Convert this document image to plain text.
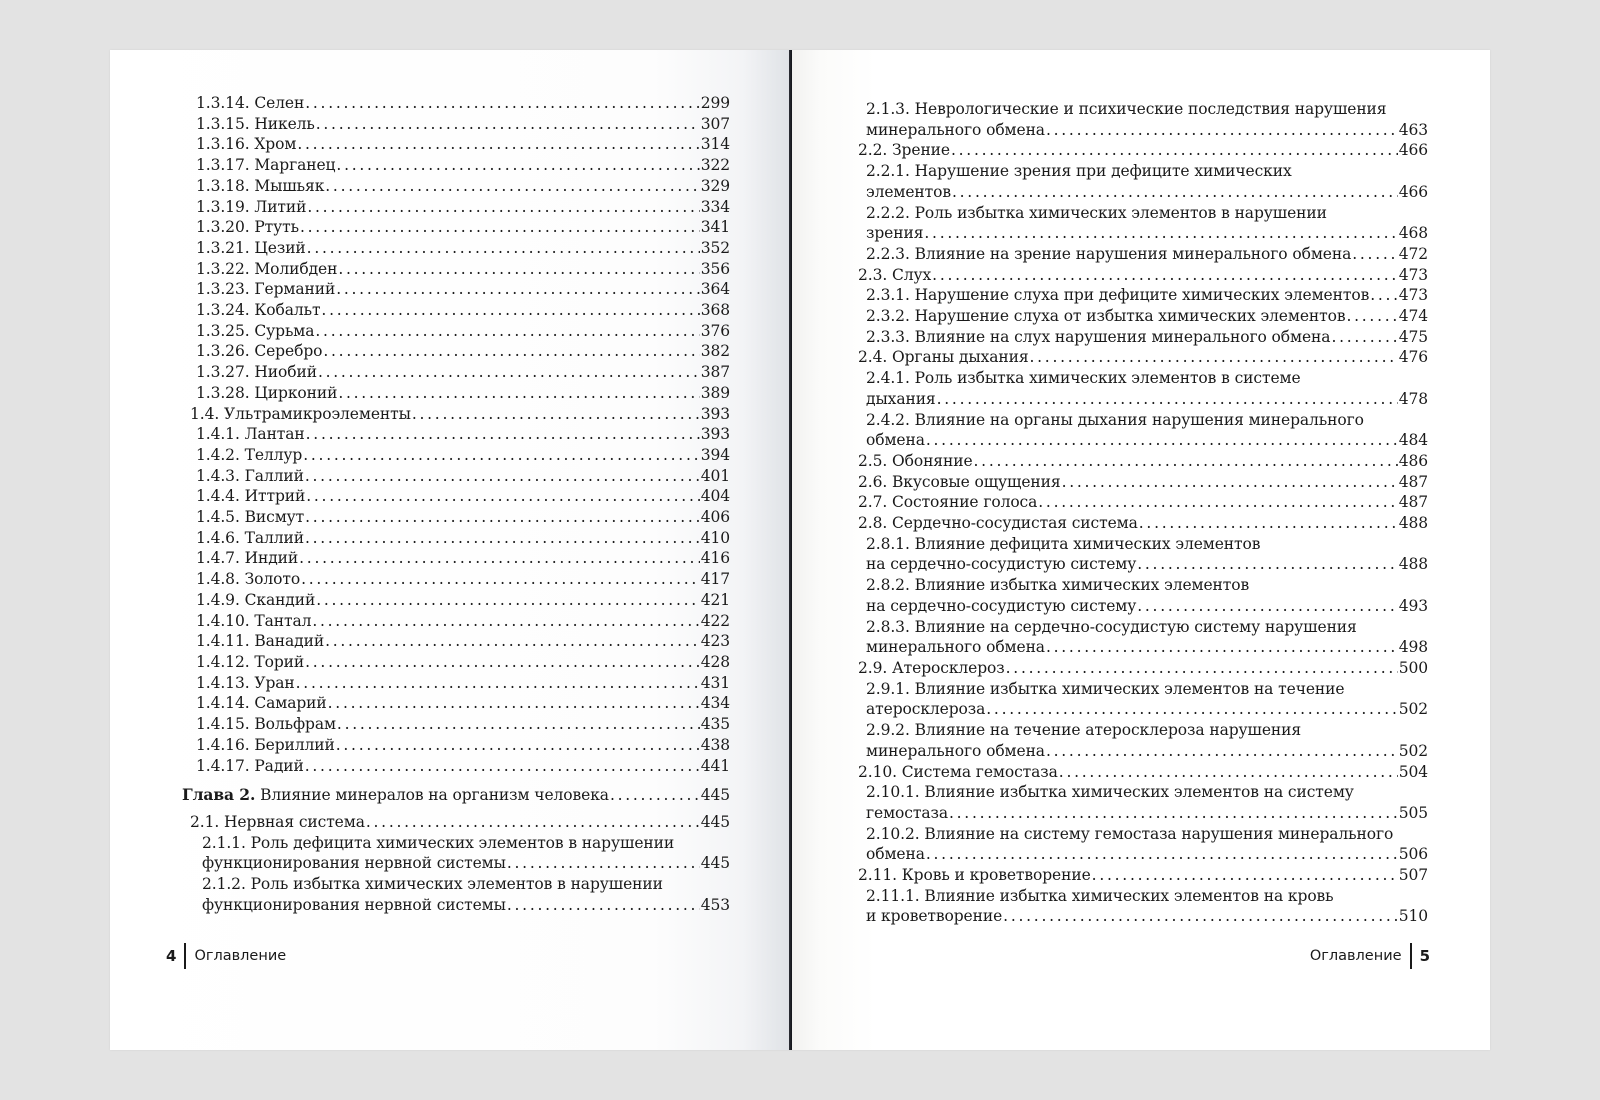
1.3.14. Селен . . .	299
1.3.15. Никель . . .	307
1.3.16. Хром . . .	314
1.3.17. Марганец . . .	322
1.3.18. Мышьяк . . .	329
1.3.19. Литий . . .	334
1.3.20. Ртуть . . .	341
1.3.21. Цезий . . .	352
1.3.22. Молибден . . .	356
1.3.23. Германий . . .	364
1.3.24. Кобальт . . .	368
1.3.25. Сурьма . . .	376
1.3.26. Серебро . . .	382
1.3.27. Ниобий . . .	387
1.3.28. Цирконий . . .	389
1.4. Ультрамикроэлементы . . .	393
1.4.1. Лантан . . .	393
1.4.2. Теллур . . .	394
1.4.3. Галлий . . .	401
1.4.4. Иттрий . . .	404
1.4.5. Висмут . . .	406
1.4.6. Таллий . . .	410
1.4.7. Индий . . .	416
1.4.8. Золото . . .	417
1.4.9. Скандий . . .	421
1.4.10. Тантал . . .	422
1.4.11. Ванадий . . .	423
1.4.12. Торий . . .	428
1.4.13. Уран . . .	431
1.4.14. Самарий . . .	434
1.4.15. Вольфрам . . .	435
1.4.16. Бериллий . . .	438
1.4.17. Радий . . .	441
Глава 2.
Влияние минералов на организм человека . . .	445
2.1. Нервная система . . .	445
2.1.1. Роль дефицита химических элементов в нарушении
функционирования нервной системы . . .	445
2.1.2. Роль избытка химических элементов в нарушении
функционирования нервной системы . . .	453
4 Оглавление
2.1.3. Неврологические и психические последствия нарушения
минерального обмена . . .	463
2.2. Зрение . . .	466
2.2.1. Нарушение зрения при дефиците химических
элементов . . .	466
2.2.2. Роль избытка химических элементов в нарушении
зрения . . .	468
2.2.3. Влияние на зрение нарушения минерального обмена . . .	472
2.3. Слух . . .	473
2.3.1. Нарушение слуха при дефиците химических элементов . . . 473
2.3.2. Нарушение слуха от избытка химических элементов . . .	474
2.3.3. Влияние на слух нарушения минерального обмена . . .	475
2.4. Органы дыхания . . .	476
2.4.1. Роль избытка химических элементов в системе
дыхания . . .	478
2.4.2. Влияние на органы дыхания нарушения минерального
обмена . . .	484
2.5. Обоняние . . .	486
2.6. Вкусовые ощущения . . .	487
2.7. Состояние голоса . . .	487
2.8. Сердечно-сосудистая система . . .	488
2.8.1. Влияние дефицита химических элементов
на сердечно-сосудистую систему . . .	488
2.8.2. Влияние избытка химических элементов
на сердечно-сосудистую систему . . .	493
2.8.3. Влияние на сердечно-сосудистую систему нарушения
минерального обмена . . .	498
2.9. Атеросклероз . . .	500
2.9.1. Влияние избытка химических элементов на течение
атеросклероза . . .	502
2.9.2. Влияние на течение атеросклероза нарушения
минерального обмена . . .	502
2.10. Система гемостаза . . .	504
2.10.1. Влияние избытка химических элементов на систему
гемостаза . . .	505
2.10.2. Влияние на систему гемостаза нарушения минерального
обмена . . .	506
2.11. Кровь и кроветворение . . .	507
2.11.1. Влияние избытка химических элементов на кровь
и кроветворение . . .	510
Оглавление 5
